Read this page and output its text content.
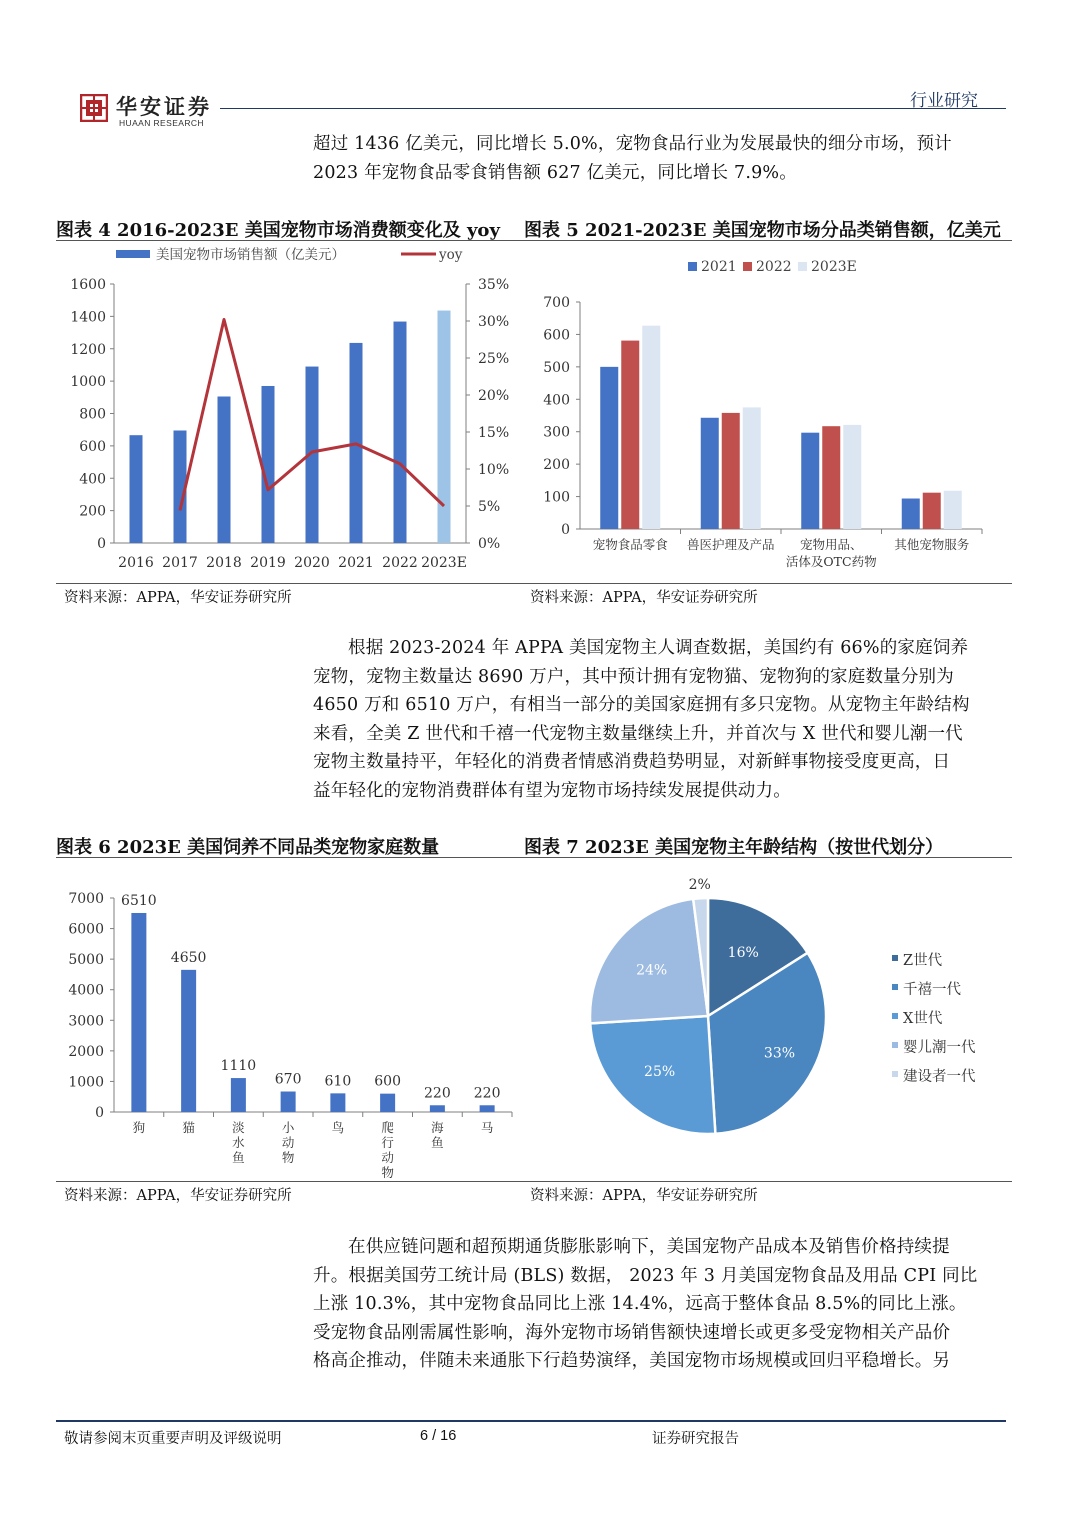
华安证券
HUAAN RESEARCH
行业研究

超过 1436 亿美元，同比增长 5.0%，宠物食品行业为发展最快的细分市场，预计

2023 年宠物食品零食销售额 627 亿美元，同比增长 7.9%。

图表 4 2016-2023E 美国宠物市场消费额变化及 yoy 图表 5 2021-2023E 美国宠物市场分品类销售额，亿美元
0
200
400
600
800
1000
1200
1400
1600
0%
5%
10%
15%
20%
25%
30%
35%
2016 2017 2018 2019 2020 2021 2022 2023E
美国宠物市场销售额（亿美元）	yoy
0
100
200
300
400
500
600
700
宠物食品零食 兽医护理及产品	宠物用品、活体及OTC药物
其他宠物服务
2021 2022 2023E
资料来源：APPA，华安证券研究所	资料来源：APPA，华安证券研究所

根据 2023-2024 年 APPA 美国宠物主人调查数据，美国约有 66%的家庭饲养

宠物，宠物主数量达 8690 万户，其中预计拥有宠物猫、宠物狗的家庭数量分别为

4650 万和 6510 万户，有相当一部分的美国家庭拥有多只宠物。从宠物主年龄结构

来看，全美 Z 世代和千禧一代宠物主数量继续上升，并首次与 X 世代和婴儿潮一代

宠物主数量持平，年轻化的消费者情感消费趋势明显，对新鲜事物接受度更高，日

益年轻化的宠物消费群体有望为宠物市场持续发展提供动力。

图表 6 2023E 美国饲养不同品类宠物家庭数量	图表 7 2023E 美国宠物主年龄结构（按世代划分）
0
1000
2000
3000
4000
5000
6000
7000 6510
狗
4650
猫
1110
淡水鱼
670
小动物
610
鸟
600
爬行动物
220
海鱼
220
马
16%
33%
25%
24%
2%
Z世代
千禧一代
X世代
婴儿潮一代
建设者一代
资料来源：APPA，华安证券研究所	资料来源：APPA，华安证券研究所

在供应链问题和超预期通货膨胀影响下，美国宠物产品成本及销售价格持续提

升。根据美国劳工统计局 (BLS) 数据， 2023 年 3 月美国宠物食品及用品 CPI 同比

上涨 10.3%，其中宠物食品同比上涨 14.4%，远高于整体食品 8.5%的同比上涨。

受宠物食品刚需属性影响，海外宠物市场销售额快速增长或更多受宠物相关产品价

格高企推动，伴随未来通胀下行趋势演绎，美国宠物市场规模或回归平稳增长。另

敬请参阅末页重要声明及评级说明	6 / 16	证券研究报告
